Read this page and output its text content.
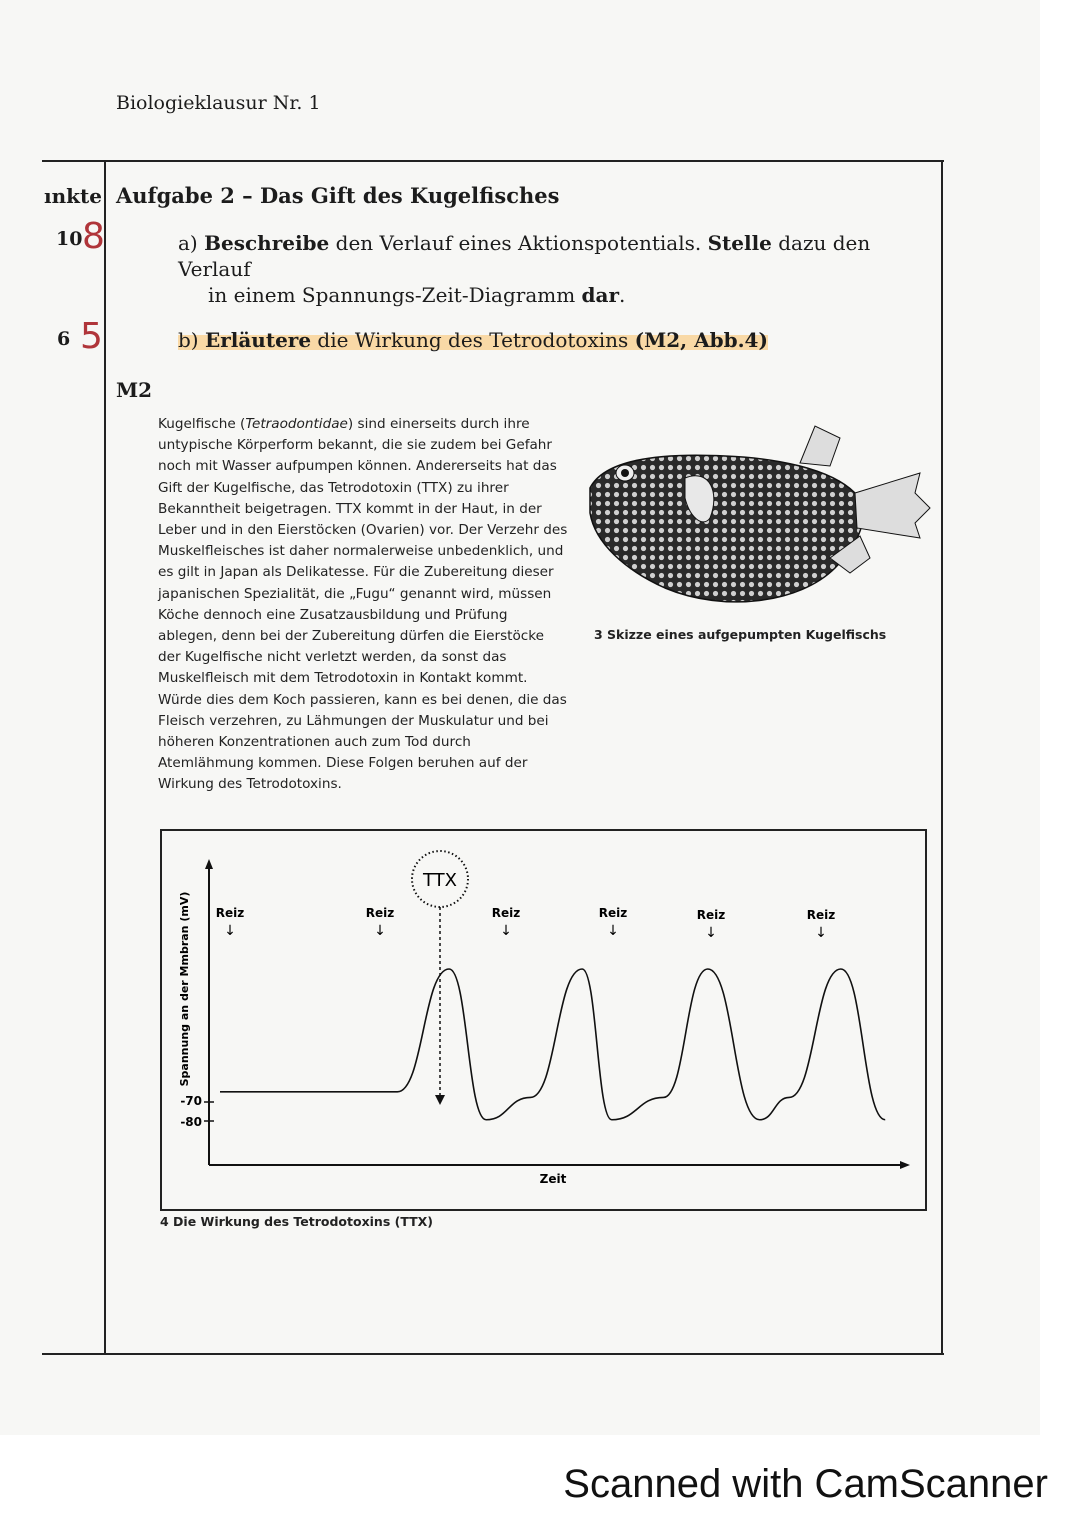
Biologieklausur Nr. 1
ınkte
10 8
6 5
Aufgabe 2 – Das Gift des Kugelfisches
a) Beschreibe den Verlauf eines Aktionspotentials. Stelle dazu den Verlauf
in einem Spannungs-Zeit-Diagramm dar.
b) Erläutere die Wirkung des Tetrodotoxins (M2, Abb.4)
M2
Kugelfische (Tetraodontidae) sind einerseits durch ihre untypische Körperform bekannt, die sie zudem bei Gefahr noch mit Wasser aufpumpen können. Andererseits hat das Gift der Kugelfische, das Tetrodotoxin (TTX) zu ihrer Bekanntheit beigetragen. TTX kommt in der Haut, in der Leber und in den Eierstöcken (Ovarien) vor. Der Verzehr des Muskelfleisches ist daher normalerweise unbedenklich, und es gilt in Japan als Delikatesse. Für die Zubereitung dieser japanischen Spezialität, die „Fugu“ genannt wird, müssen Köche dennoch eine Zusatzausbildung und Prüfung ablegen, denn bei der Zubereitung dürfen die Eierstöcke der Kugelfische nicht verletzt werden, da sonst das Muskelfleisch mit dem Tetrodotoxin in Kontakt kommt. Würde dies dem Koch passieren, kann es bei denen, die das Fleisch verzehren, zu Lähmungen der Muskulatur und bei höheren Konzentrationen auch zum Tod durch Atemlähmung kommen. Diese Folgen beruhen auf der Wirkung des Tetrodotoxins.
3 Skizze eines aufgepumpten Kugelfischs
Spannung an der Mmbran (mV)
Zeit
-70
-80
TTX
Reiz
↓
Reiz
↓
Reiz
↓
Reiz
↓
Reiz
↓
Reiz
↓
4 Die Wirkung des Tetrodotoxins (TTX)
Scanned with CamScanner
